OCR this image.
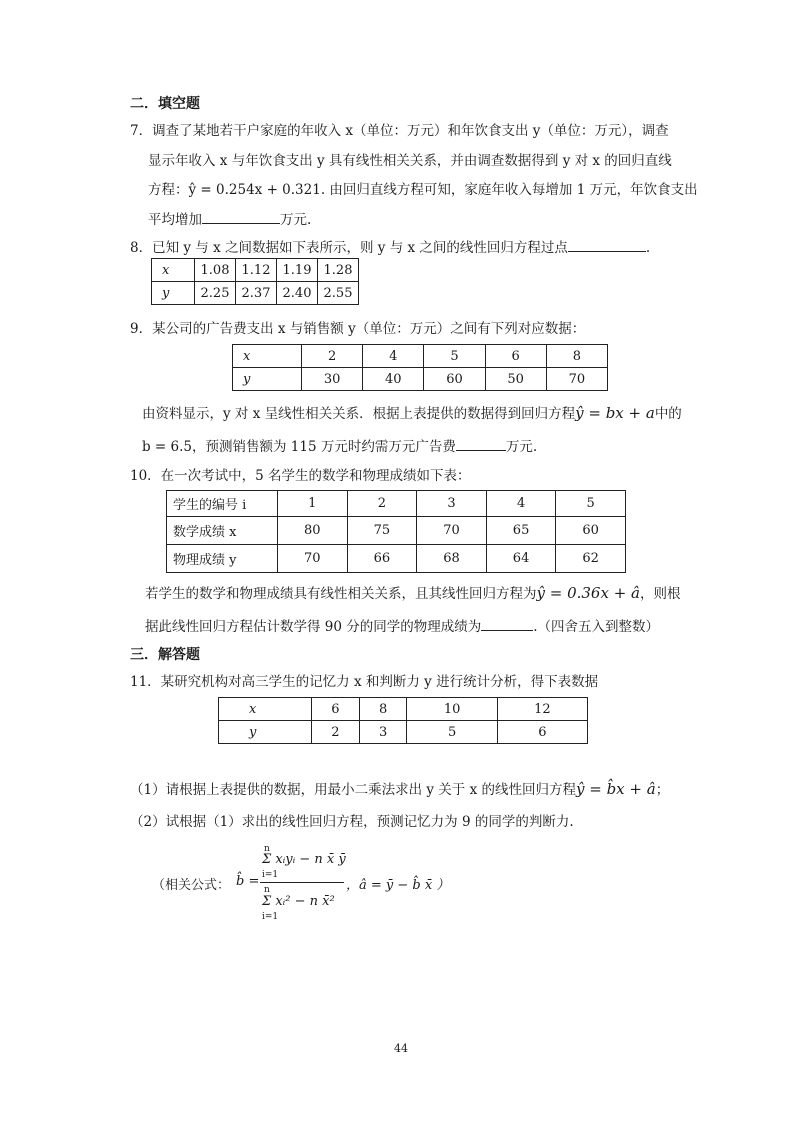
二．填空题
7．调查了某地若干户家庭的年收入 x（单位：万元）和年饮食支出 y（单位：万元），调查
显示年收入 x 与年饮食支出 y 具有线性相关关系，并由调查数据得到 y 对 x 的回归直线
方程：ŷ = 0.254x + 0.321. 由回归直线方程可知，家庭年收入每增加 1 万元，年饮食支出
平均增加	万元.
8．已知 y 与 x 之间数据如下表所示，则 y 与 x 之间的线性回归方程过点	.
x	1.08	1.12	1.19	1.28
y	2.25	2.37	2.40	2.55
9．某公司的广告费支出 x 与销售额 y（单位：万元）之间有下列对应数据：
x	2	4	5	6	8
y	30	40	60	50	70
由资料显示，y 对 x 呈线性相关关系．根据上表提供的数据得到回归方程ŷ = bx + a中的
b = 6.5，预测销售额为 115 万元时约需万元广告费	万元.
10．在一次考试中，5 名学生的数学和物理成绩如下表：
学生的编号 i	1	2	3	4	5
数学成绩 x	80	75	70	65	60
物理成绩 y	70	66	68	64	62
若学生的数学和物理成绩具有线性相关关系，且其线性回归方程为ŷ = 0.36x + â，则根
据此线性回归方程估计数学得 90 分的同学的物理成绩为	.（四舍五入到整数）
三．解答题
11．某研究机构对高三学生的记忆力 x 和判断力 y 进行统计分析，得下表数据
x	6	8	10	12
y	2	3	5	6
（1）请根据上表提供的数据，用最小二乘法求出 y 关于 x 的线性回归方程ŷ = b̂x + â；
（2）试根据（1）求出的线性回归方程，预测记忆力为 9 的同学的判断力.
（相关公式： b̂ =
n
Σ xᵢyᵢ − n x̄ ȳ
i=1
n
Σ xᵢ² − n x̄²
i=1
，â = ȳ − b̂ x̄ ）
44
